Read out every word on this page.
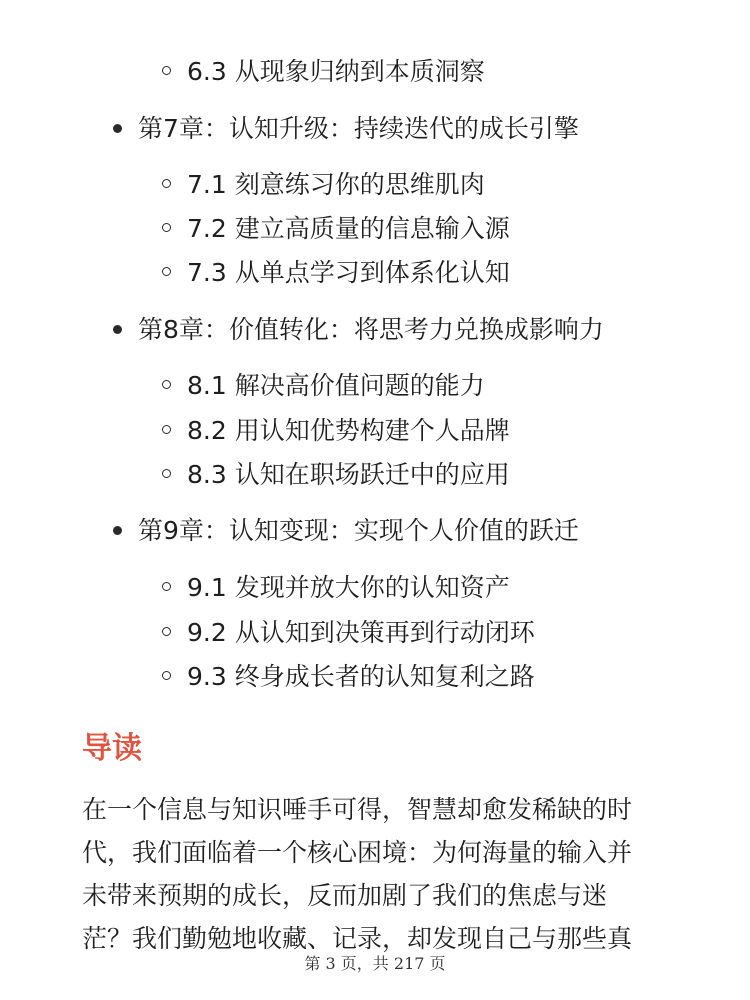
6.3 从现象归纳到本质洞察
第7章：认知升级：持续迭代的成长引擎
7.1 刻意练习你的思维肌肉
7.2 建立高质量的信息输入源
7.3 从单点学习到体系化认知
第8章：价值转化：将思考力兑换成影响力
8.1 解决高价值问题的能力
8.2 用认知优势构建个人品牌
8.3 认知在职场跃迁中的应用
第9章：认知变现：实现个人价值的跃迁
9.1 发现并放大你的认知资产
9.2 从认知到决策再到行动闭环
9.3 终身成长者的认知复利之路
导读
在一个信息与知识唾手可得，智慧却愈发稀缺的时
代，我们面临着一个核心困境：为何海量的输入并
未带来预期的成长，反而加剧了我们的焦虑与迷
茫？我们勤勉地收藏、记录，却发现自己与那些真
第 3 页，共 217 页
